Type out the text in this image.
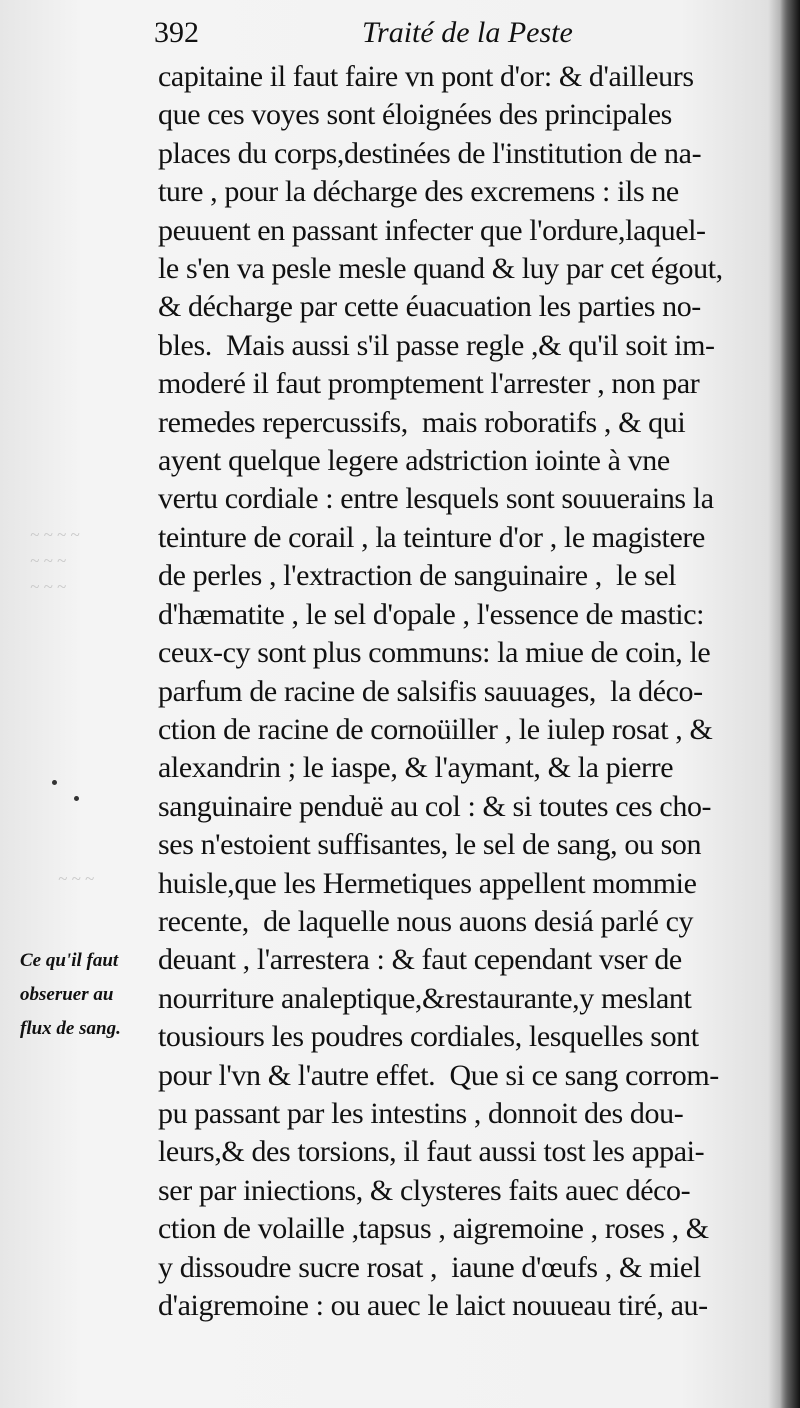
392	Traité de la Peste
~ ~ ~ ~
~ ~ ~
~ ~ ~
~ ~ ~
capitaine il faut faire vn pont d'or: & d'ailleurs
que ces voyes sont éloignées des principales
places du corps,destinées de l'institution de na-
ture , pour la décharge des excremens : ils ne
peuuent en passant infecter que l'ordure,laquel-
le s'en va pesle mesle quand & luy par cet égout,
& décharge par cette éuacuation les parties no-
bles.  Mais aussi s'il passe regle ,& qu'il soit im-
moderé il faut promptement l'arrester , non par
remedes repercussifs,  mais roboratifs , & qui
ayent quelque legere adstriction iointe à vne
vertu cordiale : entre lesquels sont souuerains la
teinture de corail , la teinture d'or , le magistere
de perles , l'extraction de sanguinaire ,  le sel
d'hæmatite , le sel d'opale , l'essence de mastic:
ceux-cy sont plus communs: la miue de coin, le
parfum de racine de salsifis sauuages,  la déco-
ction de racine de cornoüiller , le iulep rosat , &
alexandrin ; le iaspe, & l'aymant, & la pierre
sanguinaire penduë au col : & si toutes ces cho-
ses n'estoient suffisantes, le sel de sang, ou son
huisle,que les Hermetiques appellent mommie
recente,  de laquelle nous auons desiá parlé cy
deuant , l'arrestera : & faut cependant vser de
nourriture analeptique,&restaurante,y meslant
tousiours les poudres cordiales, lesquelles sont
pour l'vn & l'autre effet.  Que si ce sang corrom-
pu passant par les intestins , donnoit des dou-
leurs,& des torsions, il faut aussi tost les appai-
ser par iniections, & clysteres faits auec déco-
ction de volaille ,tapsus , aigremoine , roses , &
y dissoudre sucre rosat ,  iaune d'œufs , & miel
d'aigremoine : ou auec le laict nouueau tiré, au-
Ce qu'il faut
obseruer au
flux de sang.
